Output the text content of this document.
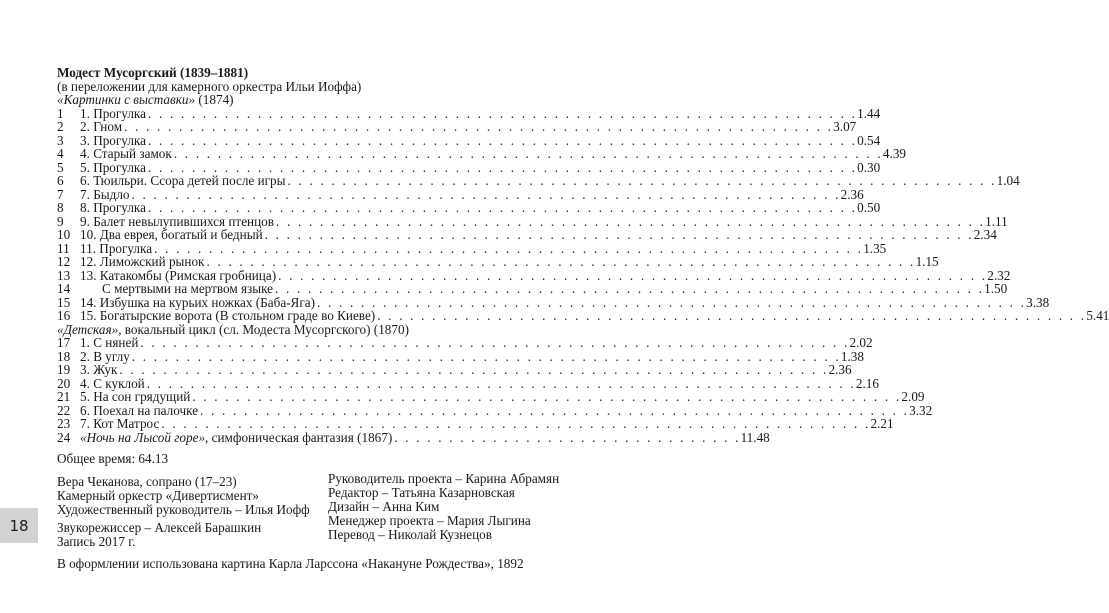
Модест Мусоргский (1839–1881)
(в переложении для камерного оркестра Ильи Иоффа)
«Картинки с выставки» (1874)
1	1. Прогулка . . . . . . . . . . . . . . . . . . . . . . . . . . . . . . . . . . . . . . . . . . . . . . . . . . . . . . . . . . . . . . . . . 1.44
2	2. Гном . . . . . . . . . . . . . . . . . . . . . . . . . . . . . . . . . . . . . . . . . . . . . . . . . . . . . . . . . . . . . . . . . 3.07
3	3. Прогулка . . . . . . . . . . . . . . . . . . . . . . . . . . . . . . . . . . . . . . . . . . . . . . . . . . . . . . . . . . . . . . . . . 0.54
4	4. Старый замок . . . . . . . . . . . . . . . . . . . . . . . . . . . . . . . . . . . . . . . . . . . . . . . . . . . . . . . . . . . . . . . . . 4.39
5	5. Прогулка . . . . . . . . . . . . . . . . . . . . . . . . . . . . . . . . . . . . . . . . . . . . . . . . . . . . . . . . . . . . . . . . . 0.30
6	6. Тюильри. Ссора детей после игры . . . . . . . . . . . . . . . . . . . . . . . . . . . . . . . . . . . . . . . . . . . . . . . . . . . . . . . . . . . . . . . . . 1.04
7	7. Быдло . . . . . . . . . . . . . . . . . . . . . . . . . . . . . . . . . . . . . . . . . . . . . . . . . . . . . . . . . . . . . . . . . 2.36
8	8. Прогулка . . . . . . . . . . . . . . . . . . . . . . . . . . . . . . . . . . . . . . . . . . . . . . . . . . . . . . . . . . . . . . . . . 0.50
9	9. Балет невылупившихся птенцов . . . . . . . . . . . . . . . . . . . . . . . . . . . . . . . . . . . . . . . . . . . . . . . . . . . . . . . . . . . . . . . . . 1.11
10 10. Два еврея, богатый и бедный . . . . . . . . . . . . . . . . . . . . . . . . . . . . . . . . . . . . . . . . . . . . . . . . . . . . . . . . . . . . . . . . . 2.34
11 11. Прогулка . . . . . . . . . . . . . . . . . . . . . . . . . . . . . . . . . . . . . . . . . . . . . . . . . . . . . . . . . . . . . . . . . 1.35
12 12. Лиможский рынок . . . . . . . . . . . . . . . . . . . . . . . . . . . . . . . . . . . . . . . . . . . . . . . . . . . . . . . . . . . . . . . . . 1.15
13 13. Катакомбы (Римская гробница) . . . . . . . . . . . . . . . . . . . . . . . . . . . . . . . . . . . . . . . . . . . . . . . . . . . . . . . . . . . . . . . . . 2.32
14	С мертвыми на мертвом языке . . . . . . . . . . . . . . . . . . . . . . . . . . . . . . . . . . . . . . . . . . . . . . . . . . . . . . . . . . . . . . . . . 1.50
15 14. Избушка на курьих ножках (Баба-Яга) . . . . . . . . . . . . . . . . . . . . . . . . . . . . . . . . . . . . . . . . . . . . . . . . . . . . . . . . . . . . . . . . . 3.38
16 15. Богатырские ворота (В стольном граде во Киеве) . . . . . . . . . . . . . . . . . . . . . . . . . . . . . . . . . . . . . . . . . . . . . . . . . . . . . . . . . . . . . . . . . 5.41
«Детская», вокальный цикл (сл. Модеста Мусоргского) (1870)
17 1. С няней . . . . . . . . . . . . . . . . . . . . . . . . . . . . . . . . . . . . . . . . . . . . . . . . . . . . . . . . . . . . . . . . . 2.02
18 2. В углу . . . . . . . . . . . . . . . . . . . . . . . . . . . . . . . . . . . . . . . . . . . . . . . . . . . . . . . . . . . . . . . . . 1.38
19 3. Жук . . . . . . . . . . . . . . . . . . . . . . . . . . . . . . . . . . . . . . . . . . . . . . . . . . . . . . . . . . . . . . . . . 2.36
20 4. С куклой . . . . . . . . . . . . . . . . . . . . . . . . . . . . . . . . . . . . . . . . . . . . . . . . . . . . . . . . . . . . . . . . . 2.16
21 5. На сон грядущий . . . . . . . . . . . . . . . . . . . . . . . . . . . . . . . . . . . . . . . . . . . . . . . . . . . . . . . . . . . . . . . . . 2.09
22 6. Поехал на палочке . . . . . . . . . . . . . . . . . . . . . . . . . . . . . . . . . . . . . . . . . . . . . . . . . . . . . . . . . . . . . . . . . 3.32
23 7. Кот Матрос . . . . . . . . . . . . . . . . . . . . . . . . . . . . . . . . . . . . . . . . . . . . . . . . . . . . . . . . . . . . . . . . . 2.21
24 «Ночь на Лысой горе», симфоническая фантазия (1867) . . . . . . . . . . . . . . . . . . . . . . . . . . . . . . . . 11.48
Общее время: 64.13
Вера Чеканова, сопрано (17–23)
Камерный оркестр «Дивертисмент»
Художественный руководитель – Илья Иофф
Звукорежиссер – Алексей Барашкин
Запись 2017 г.
Руководитель проекта – Карина Абрамян
Редактор – Татьяна Казарновская
Дизайн – Анна Ким
Менеджер проекта – Мария Лыгина
Перевод – Николай Кузнецов
18
В оформлении использована картина Карла Ларссона «Накануне Рождества», 1892
